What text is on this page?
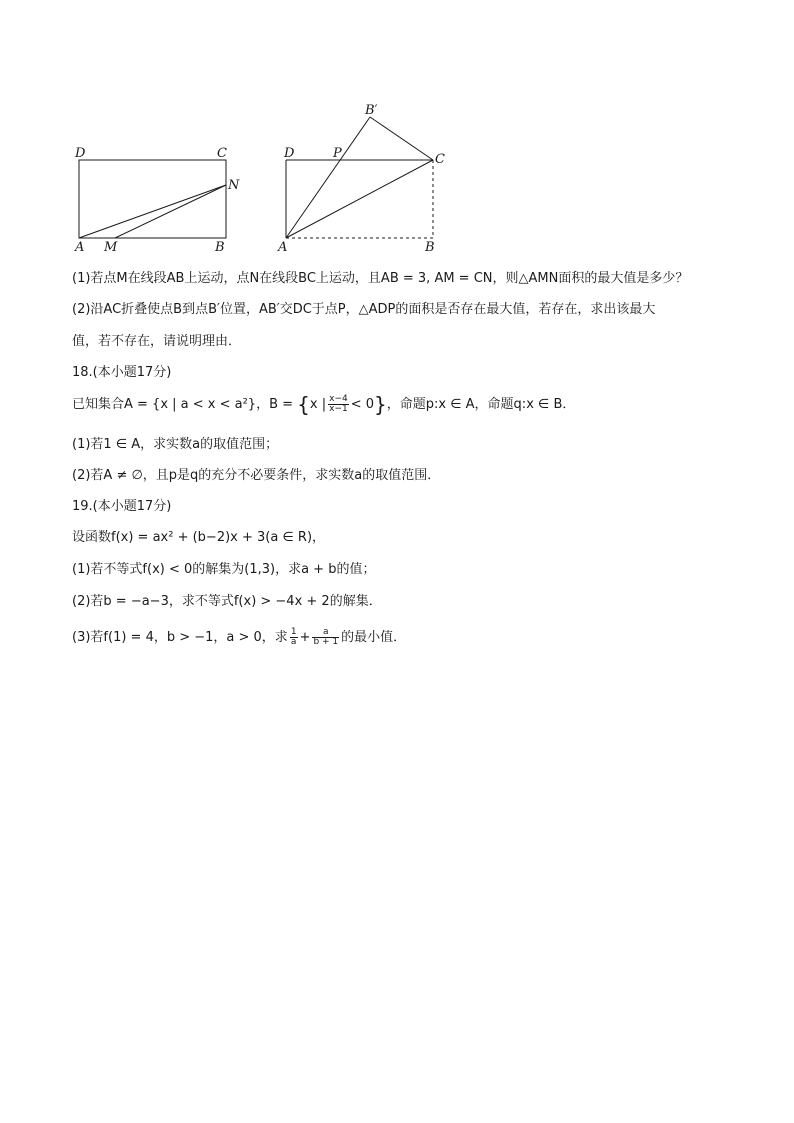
D	C
N
A M	B
B′
D	P	C
A	B
(1)若点M在线段AB上运动，点N在线段BC上运动，且AB = 3, AM = CN，则△AMN面积的最大值是多少？
(2)沿AC折叠使点B到点B′位置，AB′交DC于点P，△ADP的面积是否存在最大值，若存在，求出该最大
值，若不存在，请说明理由．
18.(本小题17分)
已知集合A = {x | a < x < a²}，B = {x | $\frac{x-4}{x-1} < 0$}，命题p:x ∈ A，命题q:x ∈ B．
(1)若1 ∈ A，求实数a的取值范围；
(2)若A ≠ ∅，且p是q的充分不必要条件，求实数a的取值范围．
19.(本小题17分)
设函数f(x) = ax² + (b−2)x + 3(a ∈ R)，
(1)若不等式f(x) < 0的解集为(1,3)，求a + b的值；
(2)若b = −a−3，求不等式f(x) > −4x + 2的解集．
(3)若f(1) = 4，b > −1，a > 0，求 $\frac{1}{a} + \frac{a}{b + 1}$ 的最小值．
